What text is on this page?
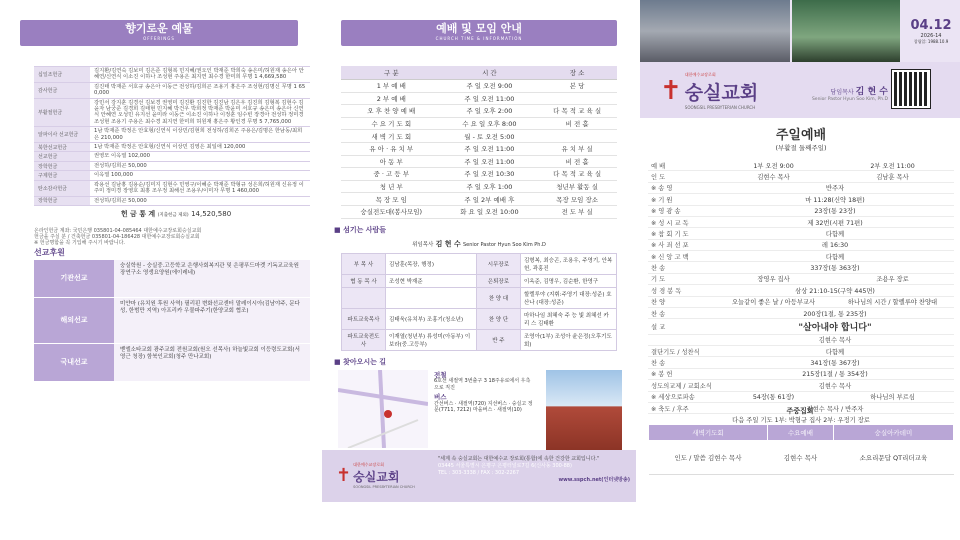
향기로운 예물
OFFERINGS
십일조헌금
김지환/김연숙 김보미 김은준 김형복 민지혜/권오인 박재준 박희숙 송은미/허원재 송은아 안혜연/신연식 이소진 이하나 조성현 주용은 최지연 최수경 한미희 무명 1 4,669,580
감사헌금
김진태 박재준 서호규 송은아 이동근 전성하/김희곤 조용기 홍은주 조성현/김명신 무명 1 650,000
부활절헌금
강민서 강지훈 김경선 김보경 권영미 김진환 김진한 김진남 김은우 김진희 김형복 김현수 김윤자 남궁준 김경희 김태현 민지혜 박건우 박희정 박재준 박윤미 서호규 송은미 송은아 신연식 안혜연 오성민 유지선 윤미라 이동근 이소진 이하나 이정훈 임수빈 장경아 전성하 정미경 조성현 조용기 주용은 최수경 최지연 한미희 허원재 홍은주 황인경 무명 5 7,765,000
알파이사 선교헌금
1남 박재준 박정은 안효형/신연식 이상민/김현희 전성하/김희곤 주용은/김명은 한남동/최희은 210,000
북한선교헌금	1남 박재준 박정은 안효형/신연식 이상민 김영은 최일애 120,000
선교헌금	권영모 이옥열 102,000
장학헌금	전성하/김희곤 50,000
구제헌금	이옥열 100,000
탄소감사헌금
곽용선 김남홍 김용순/김미지 김현수 민영구/이혜순 박재준 박형규 성은희/허원재 신유정 이주미 정미경 장영호 최홍 조우정 최해선 조용우/이미자 무명 1 460,000
장학헌금	전성하/김희곤 50,000
헌 금 통 계 (지출헌금 제외) 14,520,580
온라인헌금 계좌: 국민은행 035801-04-085464 대한예수교장로회승실교회
헌금을 주실 분 / 건축헌금 035801-04-186428 대한예수교장로회승실교회
※ 헌금명함을 꼭 기입해 주시기 바랍니다.
선교후원
기관선교
숭실학원 - 숭실중.고등학교 은행사회복지관 및 은평푸드마켓 기독교교육원장연구소 영생요양원(에이레네)
해외선교
미얀마 (유치원 후원 사역) 필리핀 변화선교센터 말레이시아(김남야주, 문다성, 한범만 지역) 아프리카 우물파주기(한양교회 협조)
국내선교
벧엘소타교회 광주교회 전원교회(원오 선목사) 하늘빛교회 이등령도교회(서영근 청장) 함북인교회(청주 만나교회)
예배 및 모임 안내
CHURCH TIME & INFORMATION
구 분	시 간	장 소
1 부 예 배	주 일 오전 9:00	본 당
2 부 예 배	주 일 오전 11:00	
오 후 찬 양 예 배	주 일 오후 2:00	다 목 적 교 육 실
수 요 기 도 회	수 요 일 오후 8:00	비 전 홀
새 벽 기 도 회	월 - 토 오전 5:00	
유 아 · 유 치 부	주 일 오전 11:00	유 치 부 실
아 동 부	주 일 오전 11:00	비 전 홀
중 · 고 등 부	주 일 오전 10:30	다 목 적 교 육 실
청 년 부	주 일 오후 1:00	청년부 활동 실
목 장 모 임	주 일 2부 예배 후	목장 모임 장소
숭실전도대(봉사모임)	화 요 일 오전 10:00	전 도 부 실
■ 섬기는 사람들
위임목사 김 현 수 Senior Pastor Hyun Soo Kim Ph.D
부 목 사	김남훈(목장, 행정)	시무장로	김형복, 최승곤, 조용우, 주영기, 안복헌, 곽홍진
협 동 목 사	조성현 박재준	은퇴장로	이옥준, 김명우, 김순환, 한영구
		찬 양 대	할렐루야 (지휘:주영기 대장:성준) 호산나 (대장:성준)
파트교육목사	김태욱(유치부) 조홍기(청소년)	찬 양 단	마하나임 최혜숙 주 능 빛 최혜선 카 리 스 김태환
파트교육전도사	이재열(청년부) 류성미(아동부) 이보라(중.고등부)	반 주	조영아(1부) 조성아 윤은정(오후기도회)
■ 찾아오시는 길
전철
6호선 새절역 3번출구 3 18주유로에서 우측으로 직진
버스
간선버스 · 새절역(720) 지선버스 · 숭실고 정문(7711, 7212) 마을버스 · 새절역(10)
✝
대한예수교장로회
숭실교회
SOONGSIL PRESBYTERIAN CHURCH
"세계 속 숭실교회는 대한예수교 장로회(통합)에 속한 건강한 교회입니다."
03445 서울특별시 은평구 은평터널로7길 6(신사동 300-88)
TEL : 303-3338 / FAX : 302-2267
www.sspch.net(인터넷방송)
04.12
2026-14
창립일: 1988.10.9
✝
대한예수교장로회
숭실교회
SOONGSIL PRESBYTERIAN CHURCH
담임목사 김 현 수
Senior Pastor Hyun Soo Kim, Ph.D
주일예배
(부활절 둘째주일)
예 배	1부 오전 9:00	2부 오전 11:00
인 도	김현수 목사	김남훈 목사
※ 송 영	반주자	
※ 기 원	마 11:28(신약 18편)	
※ 영 광 송	23장(통 23장)	
※ 성 시 교 독	제 32번(시편 71편)	
※ 참 회 기 도	다함께	
※ 사 죄 선 포	레 16:30	
※ 신 앙 고 백	다함께	
찬 송	337장(통 363장)	
기 도	장영우 집사	조용우 장로
성 경 봉 독	삼상 21:10-15(구약 445면)	
찬 양	오늘같이 좋은 날 / 아등부교사	하나님의 시간 / 할렐루야 찬양대
찬 송	200장(1절, 통 235장)	
설 교	"살아내야 합니다"	
	김현수 목사	
결단기도 / 성찬식	다함께	
찬 송	341장(통 367장)	
※ 봉 헌	215장(1절 / 통 354장)	
성도의교제 / 교회소식	김현수 목사	
※ 세상으로파송	54장(통 61장)	하나님의 부르심
※ 축도 / 후주	김현수 목사 / 반주자	
다음 주일 기도 1부: 박형규 집사 2부: 우정기 장로		
주중집회
새벽기도회	수요예배	숭실아카데미
인도 / 말씀 김현수 목사	김현수 목사	소요리문답 QT리더교육
